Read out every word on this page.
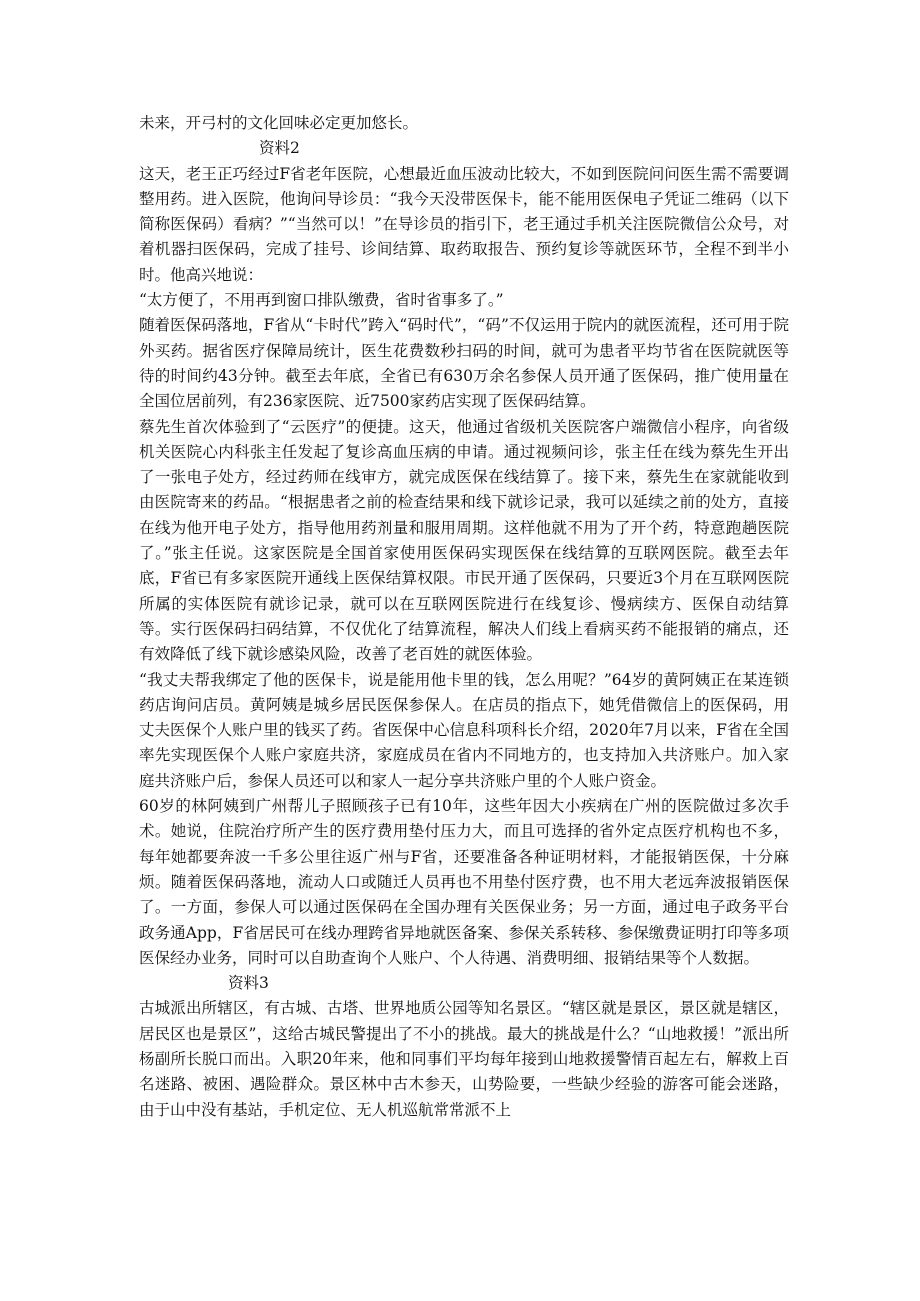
未来，开弓村的文化回味必定更加悠长。

资料2

这天，老王正巧经过F省老年医院，心想最近血压波动比较大，不如到医院问问医生需不需要调整用药。进入医院，他询问导诊员：“我今天没带医保卡，能不能用医保电子凭证二维码（以下简称医保码）看病？”“当然可以！”在导诊员的指引下，老王通过手机关注医院微信公众号，对着机器扫医保码，完成了挂号、诊间结算、取药取报告、预约复诊等就医环节，全程不到半小时。他高兴地说：

“太方便了，不用再到窗口排队缴费，省时省事多了。”

随着医保码落地，F省从“卡时代”跨入“码时代”，“码”不仅运用于院内的就医流程，还可用于院外买药。据省医疗保障局统计，医生花费数秒扫码的时间，就可为患者平均节省在医院就医等待的时间约43分钟。截至去年底，全省已有630万余名参保人员开通了医保码，推广使用量在全国位居前列，有236家医院、近7500家药店实现了医保码结算。

蔡先生首次体验到了“云医疗”的便捷。这天，他通过省级机关医院客户端微信小程序，向省级机关医院心内科张主任发起了复诊高血压病的申请。通过视频问诊，张主任在线为蔡先生开出了一张电子处方，经过药师在线审方，就完成医保在线结算了。接下来，蔡先生在家就能收到由医院寄来的药品。“根据患者之前的检查结果和线下就诊记录，我可以延续之前的处方，直接在线为他开电子处方，指导他用药剂量和服用周期。这样他就不用为了开个药，特意跑趟医院了。”张主任说。这家医院是全国首家使用医保码实现医保在线结算的互联网医院。截至去年底，F省已有多家医院开通线上医保结算权限。市民开通了医保码，只要近3个月在互联网医院所属的实体医院有就诊记录，就可以在互联网医院进行在线复诊、慢病续方、医保自动结算等。实行医保码扫码结算，不仅优化了结算流程，解决人们线上看病买药不能报销的痛点，还有效降低了线下就诊感染风险，改善了老百姓的就医体验。

“我丈夫帮我绑定了他的医保卡，说是能用他卡里的钱，怎么用呢？”64岁的黄阿姨正在某连锁药店询问店员。黄阿姨是城乡居民医保参保人。在店员的指点下，她凭借微信上的医保码，用丈夫医保个人账户里的钱买了药。省医保中心信息科项科长介绍，2020年7月以来，F省在全国率先实现医保个人账户家庭共济，家庭成员在省内不同地方的，也支持加入共济账户。加入家庭共济账户后，参保人员还可以和家人一起分享共济账户里的个人账户资金。

60岁的林阿姨到广州帮儿子照顾孩子已有10年，这些年因大小疾病在广州的医院做过多次手术。她说，住院治疗所产生的医疗费用垫付压力大，而且可选择的省外定点医疗机构也不多，每年她都要奔波一千多公里往返广州与F省，还要准备各种证明材料，才能报销医保，十分麻烦。随着医保码落地，流动人口或随迁人员再也不用垫付医疗费，也不用大老远奔波报销医保了。一方面，参保人可以通过医保码在全国办理有关医保业务；另一方面，通过电子政务平台政务通App，F省居民可在线办理跨省异地就医备案、参保关系转移、参保缴费证明打印等多项医保经办业务，同时可以自助查询个人账户、个人待遇、消费明细、报销结果等个人数据。

资料3

古城派出所辖区，有古城、古塔、世界地质公园等知名景区。“辖区就是景区，景区就是辖区，居民区也是景区”，这给古城民警提出了不小的挑战。最大的挑战是什么？“山地救援！”派出所杨副所长脱口而出。入职20年来，他和同事们平均每年接到山地救援警情百起左右，解救上百名迷路、被困、遇险群众。景区林中古木参天，山势险要，一些缺少经验的游客可能会迷路，由于山中没有基站，手机定位、无人机巡航常常派不上
